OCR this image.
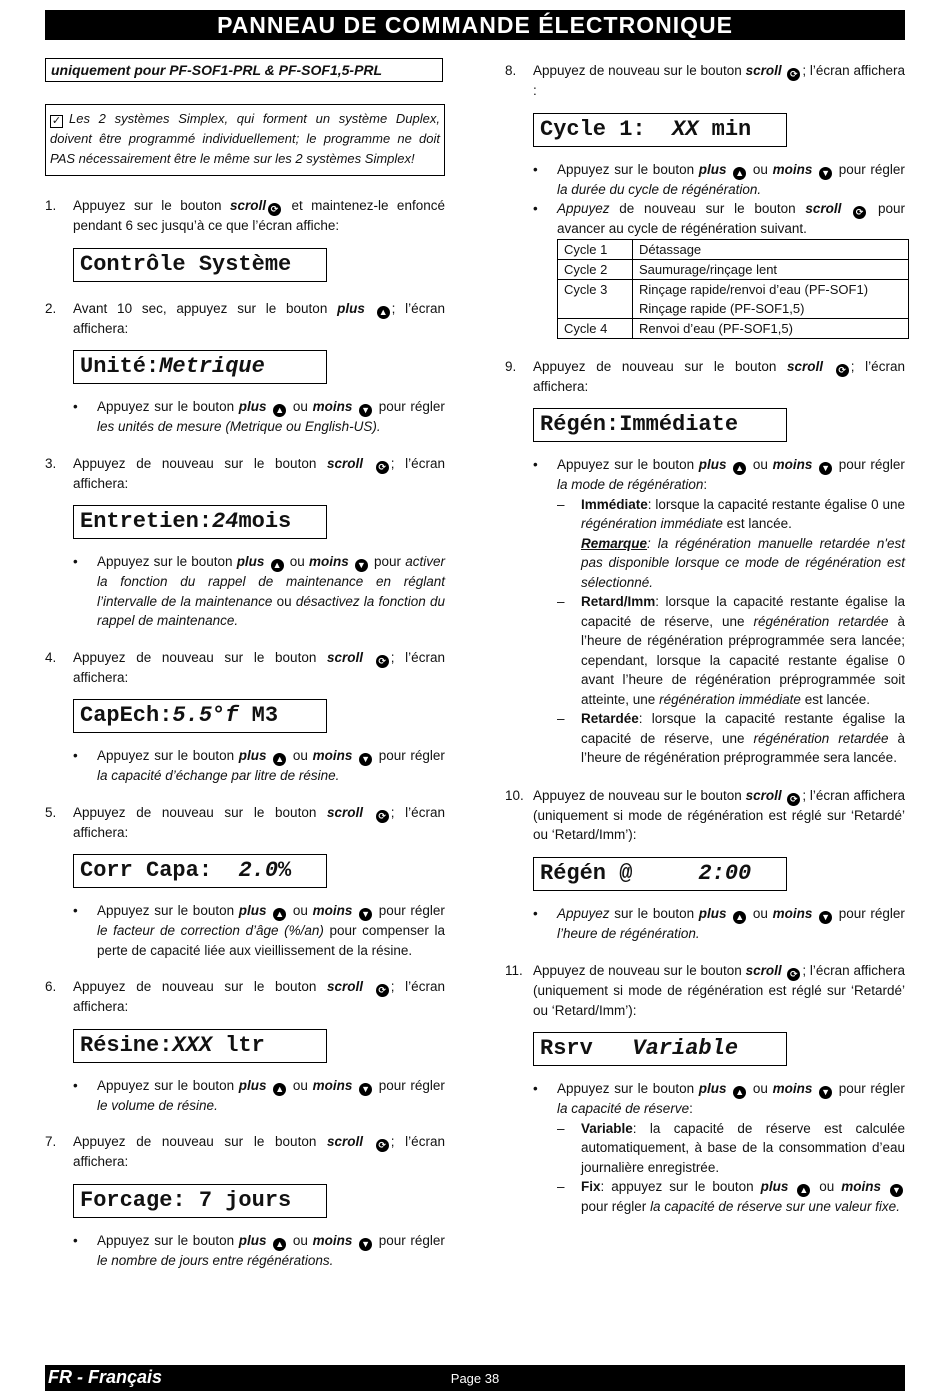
PANNEAU DE COMMANDE ÉLECTRONIQUE
uniquement pour PF-SOF1-PRL & PF-SOF1,5-PRL
✓ Les 2 systèmes Simplex, qui forment un système Duplex, doivent être programmé individuellement; le programme ne doit PAS nécessairement être le même sur les 2 systèmes Simplex!
1. Appuyez sur le bouton scroll ⟳ et maintenez-le enfoncé pendant 6 sec jusqu’à ce que l’écran affiche:
Contrôle Système
2. Avant 10 sec, appuyez sur le bouton plus ▲ ; l’écran affichera:
Unité:Metrique
• Appuyez sur le bouton plus ▲ ou moins ▼ pour régler les unités de mesure (Metrique ou English-US).
3. Appuyez de nouveau sur le bouton scroll ⟳ ; l’écran affichera:
Entretien:24mois
• Appuyez sur le bouton plus ▲ ou moins ▼ pour activer la fonction du rappel de maintenance en réglant l’intervalle de la maintenance ou désactivez la fonction du rappel de maintenance.
4. Appuyez de nouveau sur le bouton scroll ⟳ ; l’écran affichera:
CapEch:5.5°f M3
• Appuyez sur le bouton plus ▲ ou moins ▼ pour régler la capacité d’échange par litre de résine.
5. Appuyez de nouveau sur le bouton scroll ⟳ ; l’écran affichera:
Corr Capa:  2.0%
• Appuyez sur le bouton plus ▲ ou moins ▼ pour régler le facteur de correction d’âge (%/an) pour compenser la perte de capacité liée aux vieillissement de la résine.
6. Appuyez de nouveau sur le bouton scroll ⟳ ; l’écran affichera:
Résine:XXX ltr
• Appuyez sur le bouton plus ▲ ou moins ▼ pour régler le volume de résine.
7. Appuyez de nouveau sur le bouton scroll ⟳ ; l’écran affichera:
Forcage: 7 jours
• Appuyez sur le bouton plus ▲ ou moins ▼ pour régler le nombre de jours entre régénérations.
8. Appuyez de nouveau sur le bouton scroll ⟳ ; l’écran affichera :
Cycle 1:  XX min
• Appuyez sur le bouton plus ▲ ou moins ▼ pour régler la durée du cycle de régénération.
• Appuyez de nouveau sur le bouton scroll ⟳ pour avancer au cycle de régénération suivant.
Cycle 1	Détassage
Cycle 2	Saumurage/rinçage lent
Cycle 3	Rinçage rapide/renvoi d’eau (PF-SOF1)
Rinçage rapide (PF-SOF1,5)

Cycle 4	Renvoi d’eau (PF-SOF1,5)
9. Appuyez de nouveau sur le bouton scroll ⟳ ; l’écran affichera:
Régén:Immédiate
• Appuyez sur le bouton plus ▲ ou moins ▼ pour régler la mode de régénération:
– Immédiate: lorsque la capacité restante égalise 0 une régénération immédiate est lancée.
Remarque: la régénération manuelle retardée n'est pas disponible lorsque ce mode de régénération est sélectionné.
– Retard/Imm: lorsque la capacité restante égalise la capacité de réserve, une régénération retardée à l’heure de régénération préprogrammée sera lancée; cependant, lorsque la capacité restante égalise 0 avant l’heure de régénération préprogrammée soit atteinte, une régénération immédiate est lancée.
– Retardée: lorsque la capacité restante égalise la capacité de réserve, une régénération retardée à l’heure de régénération préprogrammée sera lancée.
10. Appuyez de nouveau sur le bouton scroll ⟳ ; l’écran affichera (uniquement si mode de régénération est réglé sur ‘Retardé’ ou ‘Retard/Imm’):
Régén @     2:00
• Appuyez sur le bouton plus ▲ ou moins ▼ pour régler l’heure de régénération.
11. Appuyez de nouveau sur le bouton scroll ⟳ ; l’écran affichera (uniquement si mode de régénération est réglé sur ‘Retardé’ ou ‘Retard/Imm’):
Rsrv   Variable
• Appuyez sur le bouton plus ▲ ou moins ▼ pour régler la capacité de réserve:
– Variable: la capacité de réserve est calculée automatiquement, à base de la consommation d’eau journalière enregistrée.
– Fix: appuyez sur le bouton plus ▲ ou moins ▼ pour régler la capacité de réserve sur une valeur fixe.
FR - Français	Page 38
